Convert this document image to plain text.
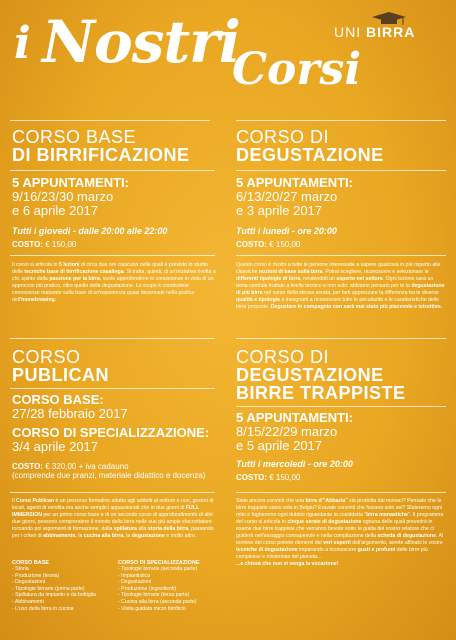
i Nostri
Corsi
UNI BIRRA
CORSO BASE
DI BIRRIFICAZIONE
5 APPUNTAMENTI:
9/16/23/30 marzo
e 6 aprile 2017
Tutti i giovedì - dalle 20:00 alle 22:00
COSTO: € 150,00
Il corso si articola in 5 lezioni di circa due ore ciascuna nelle quali è previsto lo studio delle tecniche base di birrificazione casalinga. Si tratta, quindi, di un'iniziativa rivolta a chi, spinto dalla passione per la birra, vuole approfondirne le conoscenze in vista di un approccio più pratico, oltre quello della degustazione. Lo scopo è condividere conoscenze maturate sulla base di un'esperienza quasi decennale nella pratica dell'homebrewing.
CORSO DI
DEGUSTAZIONE
5 APPUNTAMENTI:
6/13/20/27 marzo
e 3 aprile 2017
Tutti i lunedì - ore 20:00
COSTO: € 150,00
Questo corso è rivolto a tutte le persone interessate a sapere qualcosa in più rispetto alle classiche nozioni di base sulla birra. Potrai scegliere, riconoscere e selezionare le differenti tipologie di birra, rendendoti un esperto nel settore. Ogni lezione sarà un tema centrale trattato a livello tecnico e non solo: abbiamo pensato per te la degustazione di più birre nel corso della stessa serata, per farti apprezzare la differenza tra le diverse qualità e tipologie e insegnarti a riconoscere tutte le peculiarità e le caratteristiche delle birre proposte. Degustare in compagnia non sarà mai stato più piacevole e istruttivo.
CORSO
PUBLICAN
CORSO BASE:
27/28 febbraio 2017
CORSO DI SPECIALIZZAZIONE:
3/4 aprile 2017
COSTO: € 320,00 + iva cadauno
(comprende due pranzi, materiale didattico e docenza)
Il Corso Publican è un percorso formativo adatto agli addetti al settore e non, gestori di locali, agenti di vendita ma anche semplici appassionati che in due giorni di FULL IMMERSION per un primo corso base e di un secondo corso di approfondimento di altri due giorni, possono comprendere il mondo della birra nelle sue più ampie sfaccettature toccando poi argomenti di formazione, dalla spillatura alla storia della birra, passando per i criteri di abbinamento, la cucina alla birra, la degustazione e molto altro.
CORSO BASE
- Storia
- Produzione (teoria)
- Degustazioni
- Tipologie birrarie (prima parte)
- Spillatura da impianto e da bottiglia
- Abbinamenti
- L'uso della birra in cucina
CORSO DI SPECIALIZZAZIONE
- Tipologie birrarie (seconda parte)
- Impiantistica
- Degustazioni
- Produzione (ingredienti)
- Tipologie birrarie (terza parte)
- Cucina alla birra (seconda parte)
- Visita guidata micro birrificio
CORSO DI
DEGUSTAZIONE
BIRRE TRAPPISTE
5 APPUNTAMENTI:
8/15/22/29 marzo
e 5 aprile 2017
Tutti i mercoledì - ore 20:00
COSTO: € 150,00
Siete ancora convinti che una birra d'"Abbazia" sia prodotta dai monaci? Pensate che le birre trappiste siano solo in Belgio? Eravate convinti che fossero solo sei? Sfateremo ogni mito e fugheremo ogni dubbio riguardante la cosiddetta "birra monastiche". Il programma del corso si articola in cinque serate di degustazione ognuna delle quali prevedrà in esame due birre trappiste che verranno bevute sotto la guida del nostro relatore che ci guiderà nell'assaggio consapevole e nella compilazione della scheda di degustazione. Al termine del corso potrete ritenervi dei veri esperti dell'argomento, avrete affinato le vostre tecniche di degustazione imparando a riconoscere gusti e profumi delle birre più complesse e misteriose del pianeta...
...e chissà che non vi venga la vocazione!
